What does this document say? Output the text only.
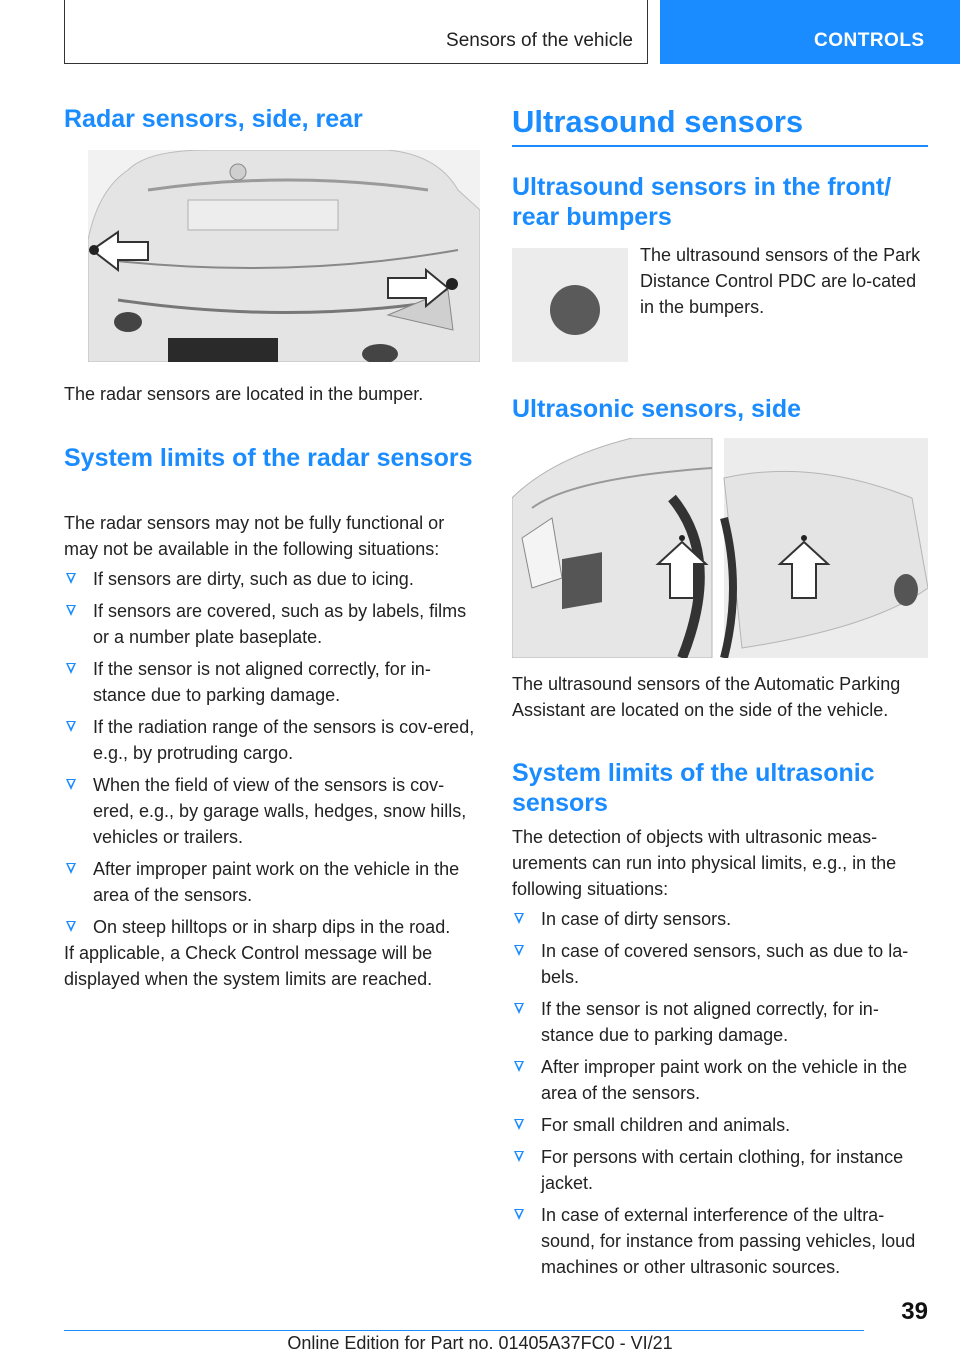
Sensors of the vehicle	CONTROLS
Radar sensors, side, rear

The radar sensors are located in the bumper.

System limits of the radar sensors

The radar sensors may not be fully functional or may not be available in the following situations:

If sensors are dirty, such as due to icing.
If sensors are covered, such as by labels, films or a number plate baseplate.
If the sensor is not aligned correctly, for in-stance due to parking damage.
If the radiation range of the sensors is cov-ered, e.g., by protruding cargo.
When the field of view of the sensors is cov-ered, e.g., by garage walls, hedges, snow hills, vehicles or trailers.
After improper paint work on the vehicle in the area of the sensors.
On steep hilltops or in sharp dips in the road.

If applicable, a Check Control message will be displayed when the system limits are reached.

Ultrasound sensors
Ultrasound sensors in the front/ rear bumpers

The ultrasound sensors of the Park Distance Control PDC are lo-cated in the bumpers.

Ultrasonic sensors, side

The ultrasound sensors of the Automatic Parking Assistant are located on the side of the vehicle.

System limits of the ultrasonic sensors

The detection of objects with ultrasonic meas-urements can run into physical limits, e.g., in the following situations:

In case of dirty sensors.
In case of covered sensors, such as due to la-bels.
If the sensor is not aligned correctly, for in-stance due to parking damage.
After improper paint work on the vehicle in the area of the sensors.
For small children and animals.
For persons with certain clothing, for instance jacket.
In case of external interference of the ultra-sound, for instance from passing vehicles, loud machines or other ultrasonic sources.
39
Online Edition for Part no. 01405A37FC0 - VI/21
